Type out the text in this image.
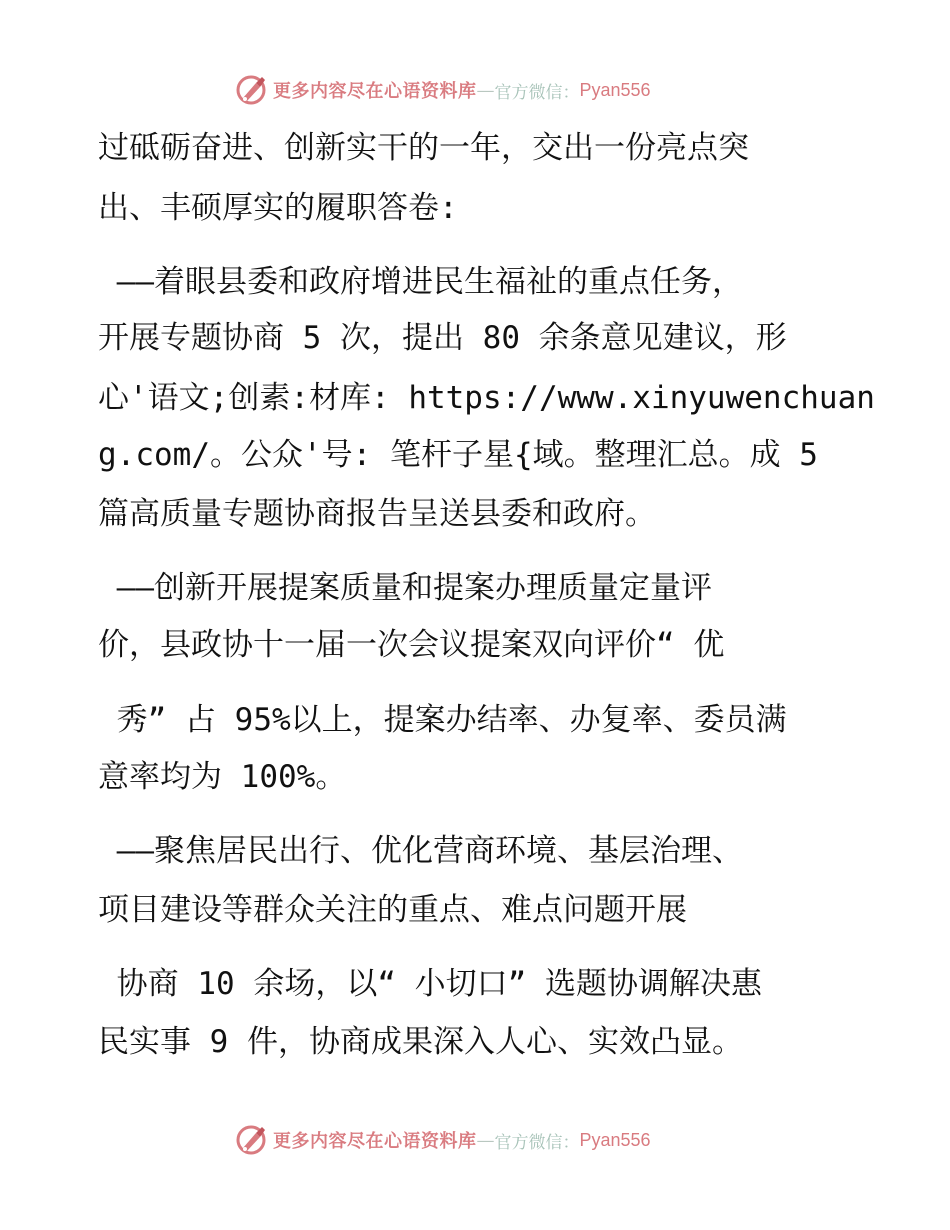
更多内容尽在心语资料库 — 官方微信： Pyan556
过砥砺奋进、创新实干的一年，交出一份亮点突
出、丰硕厚实的履职答卷:
——着眼县委和政府增进民生福祉的重点任务，
开展专题协商 5 次，提出 80 余条意见建议，形
心'语文;创素:材库: https://www.xinyuwenchuan
g.com/。公众'号: 笔杆子星{域。整理汇总。成 5
篇高质量专题协商报告呈送县委和政府。
——创新开展提案质量和提案办理质量定量评
价，县政协十一届一次会议提案双向评价“ 优
秀” 占 95%以上，提案办结率、办复率、委员满
意率均为 100%。
——聚焦居民出行、优化营商环境、基层治理、
项目建设等群众关注的重点、难点问题开展
协商 10 余场，以“ 小切口” 选题协调解决惠
民实事 9 件，协商成果深入人心、实效凸显。
更多内容尽在心语资料库 — 官方微信： Pyan556
